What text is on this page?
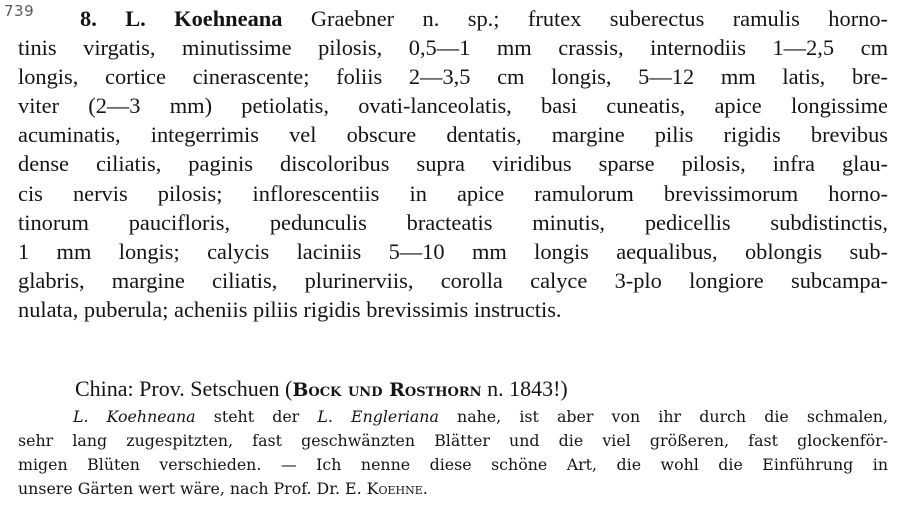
739	8. L. Koehneana Graebner n. sp.; frutex suberectus ramulis horno-
tinis virgatis, minutissime pilosis, 0,5—1 mm crassis, internodiis 1—2,5 cm
longis, cortice cinerascente; foliis 2—3,5 cm longis, 5—12 mm latis, bre-
viter (2—3 mm) petiolatis, ovati-lanceolatis, basi cuneatis, apice longissime
acuminatis, integerrimis vel obscure dentatis, margine pilis rigidis brevibus
dense ciliatis, paginis discoloribus supra viridibus sparse pilosis, infra glau-
cis nervis pilosis; inflorescentiis in apice ramulorum brevissimorum horno-
tinorum paucifloris, pedunculis bracteatis minutis, pedicellis subdistinctis,
1 mm longis; calycis laciniis 5—10 mm longis aequalibus, oblongis sub-
glabris, margine ciliatis, plurinerviis, corolla calyce 3-plo longiore subcampa-
nulata, puberula; acheniis piliis rigidis brevissimis instructis.

China: Prov. Setschuen (Bock und Rosthorn n. 1843!)

L. Koehneana steht der L. Engleriana nahe, ist aber von ihr durch die schmalen,
sehr lang zugespitzten, fast geschwänzten Blätter und die viel größeren, fast glockenför-
migen Blüten verschieden. — Ich nenne diese schöne Art, die wohl die Einführung in
unsere Gärten wert wäre, nach Prof. Dr. E. Koehne.
